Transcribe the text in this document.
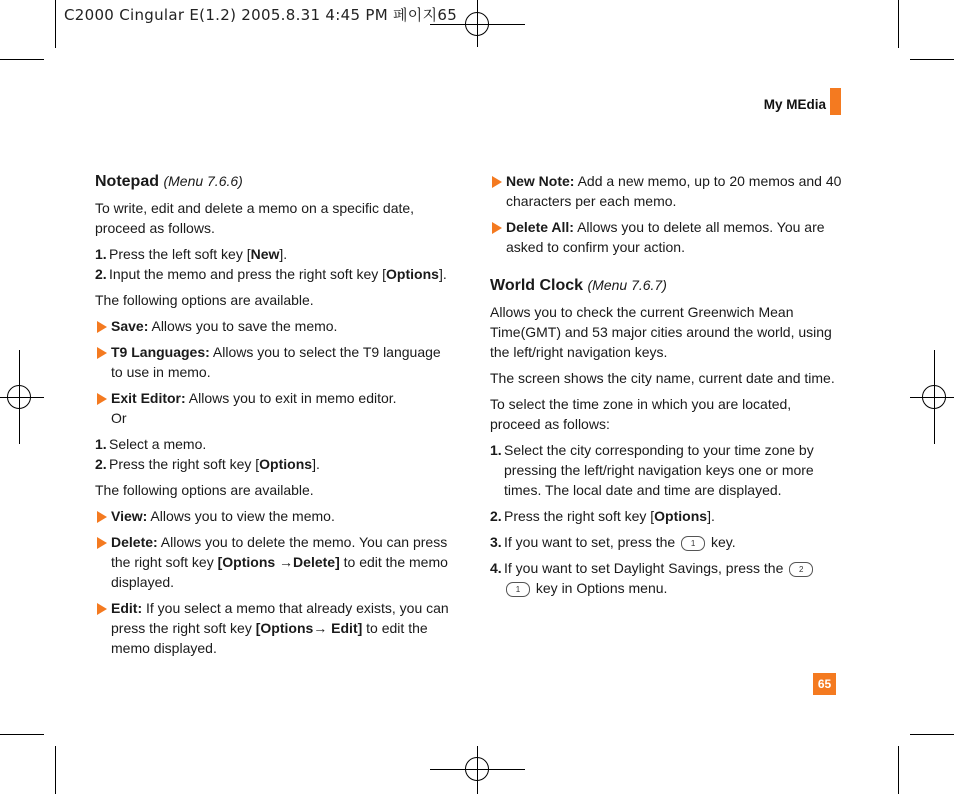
C2000 Cingular E(1.2) 2005.8.31 4:45 PM 페이지65
My MEdia

Notepad (Menu 7.6.6)

To write, edit and delete a memo on a specific date, proceed as follows.

1. Press the left soft key [New].

2. Input the memo and press the right soft key [Options].

The following options are available.

Save: Allows you to save the memo.
T9 Languages: Allows you to select the T9 language to use in memo.
Exit Editor: Allows you to exit in memo editor.
Or

1. Select a memo.

2. Press the right soft key [Options].

The following options are available.

View: Allows you to view the memo.
Delete: Allows you to delete the memo. You can press the right soft key [Options →Delete] to edit the memo displayed.
Edit: If you select a memo that already exists, you can press the right soft key [Options→ Edit] to edit the memo displayed.
New Note: Add a new memo, up to 20 memos and 40 characters per each memo.
Delete All: Allows you to delete all memos. You are asked to confirm your action.

World Clock (Menu 7.6.7)

Allows you to check the current Greenwich Mean Time(GMT) and 53 major cities around the world, using the left/right navigation keys.

The screen shows the city name, current date and time.

To select the time zone in which you are located, proceed as follows:

1. Select the city corresponding to your time zone by pressing the left/right navigation keys one or more times. The local date and time are displayed.

2. Press the right soft key [Options].

3. If you want to set, press the 1 key.

4. If you want to set Daylight Savings, press the 2
1 key in Options menu.

65
